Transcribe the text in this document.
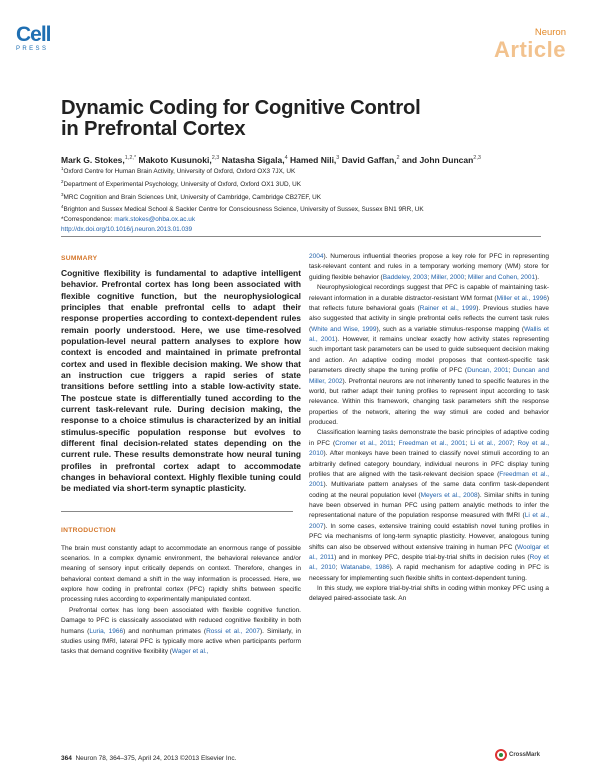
Cell
PRESS
Neuron
Article
Dynamic Coding for Cognitive Control
in Prefrontal Cortex
Mark G. Stokes,$^{1,2,*}$ Makoto Kusunoki,$^{2,3}$ Natasha Sigala,$^4$ Hamed Nili,$^3$ David Gaffan,$^2$ and John Duncan$^{2,3}$
$^1$Oxford Centre for Human Brain Activity, University of Oxford, Oxford OX3 7JX, UK
$^2$Department of Experimental Psychology, University of Oxford, Oxford OX1 3UD, UK
$^3$MRC Cognition and Brain Sciences Unit, University of Cambridge, Cambridge CB27EF, UK
$^4$Brighton and Sussex Medical School & Sackler Centre for Consciousness Science, University of Sussex, Sussex BN1 9RR, UK
*Correspondence: mark.stokes@ohba.ox.ac.uk
http://dx.doi.org/10.1016/j.neuron.2013.01.039
SUMMARY
Cognitive flexibility is fundamental to adaptive intelligent behavior. Prefrontal cortex has long been associated with flexible cognitive function, but the neurophysiological principles that enable prefrontal cells to adapt their response properties according to context-dependent rules remain poorly understood. Here, we use time-resolved population-level neural pattern analyses to explore how context is encoded and maintained in primate prefrontal cortex and used in flexible decision making. We show that an instruction cue triggers a rapid series of state transitions before settling into a stable low-activity state. The postcue state is differentially tuned according to the current task-relevant rule. During decision making, the response to a choice stimulus is characterized by an initial stimulus-specific population response but evolves to different final decision-related states depending on the current rule. These results demonstrate how neural tuning profiles in prefrontal cortex adapt to accommodate changes in behavioral context. Highly flexible tuning could be mediated via short-term synaptic plasticity.
INTRODUCTION

The brain must constantly adapt to accommodate an enormous range of possible scenarios. In a complex dynamic environment, the behavioral relevance and/or meaning of sensory input critically depends on context. Therefore, changes in behavioral context demand a shift in the way information is processed. Here, we explore how coding in prefrontal cortex (PFC) rapidly shifts between specific processing rules according to experimentally manipulated context.

Prefrontal cortex has long been associated with flexible cognitive function. Damage to PFC is classically associated with reduced cognitive flexibility in both humans (Luria, 1966) and nonhuman primates (Rossi et al., 2007). Similarly, in studies using fMRI, lateral PFC is typically more active when participants perform tasks that demand cognitive flexibility (Wager et al.,

2004). Numerous influential theories propose a key role for PFC in representing task-relevant content and rules in a temporary working memory (WM) store for guiding flexible behavior (Baddeley, 2003; Miller, 2000; Miller and Cohen, 2001).

Neurophysiological recordings suggest that PFC is capable of maintaining task-relevant information in a durable distractor-resistant WM format (Miller et al., 1996) that reflects future behavioral goals (Rainer et al., 1999). Previous studies have also suggested that activity in single prefrontal cells reflects the current task rules (White and Wise, 1999), such as a variable stimulus-response mapping (Wallis et al., 2001). However, it remains unclear exactly how activity states representing such important task parameters can be used to guide subsequent decision making and action. An adaptive coding model proposes that context-specific task parameters directly shape the tuning profile of PFC (Duncan, 2001; Duncan and Miller, 2002). Prefrontal neurons are not inherently tuned to specific features in the world, but rather adapt their tuning profiles to represent input according to task relevance. Within this framework, changing task parameters shift the response properties of the network, altering the way stimuli are coded and behavior produced.

Classification learning tasks demonstrate the basic principles of adaptive coding in PFC (Cromer et al., 2011; Freedman et al., 2001; Li et al., 2007; Roy et al., 2010). After monkeys have been trained to classify novel stimuli according to an arbitrarily defined category boundary, individual neurons in PFC display tuning profiles that are aligned with the task-relevant decision space (Freedman et al., 2001). Multivariate pattern analyses of the same data confirm task-dependent coding at the neural population level (Meyers et al., 2008). Similar shifts in tuning have been observed in human PFC using pattern analytic methods to infer the representational nature of the population response measured with fMRI (Li et al., 2007). In some cases, extensive training could establish novel tuning profiles in PFC via mechanisms of long-term synaptic plasticity. However, analogous tuning shifts can also be observed without extensive training in human PFC (Woolgar et al., 2011) and in monkey PFC, despite trial-by-trial shifts in decision rules (Roy et al., 2010; Watanabe, 1986). A rapid mechanism for adaptive coding in PFC is necessary for implementing such flexible shifts in context-dependent tuning.

In this study, we explore trial-by-trial shifts in coding within monkey PFC using a delayed paired-associate task. An

364 Neuron 78, 364–375, April 24, 2013 ©2013 Elsevier Inc.	CrossMark
